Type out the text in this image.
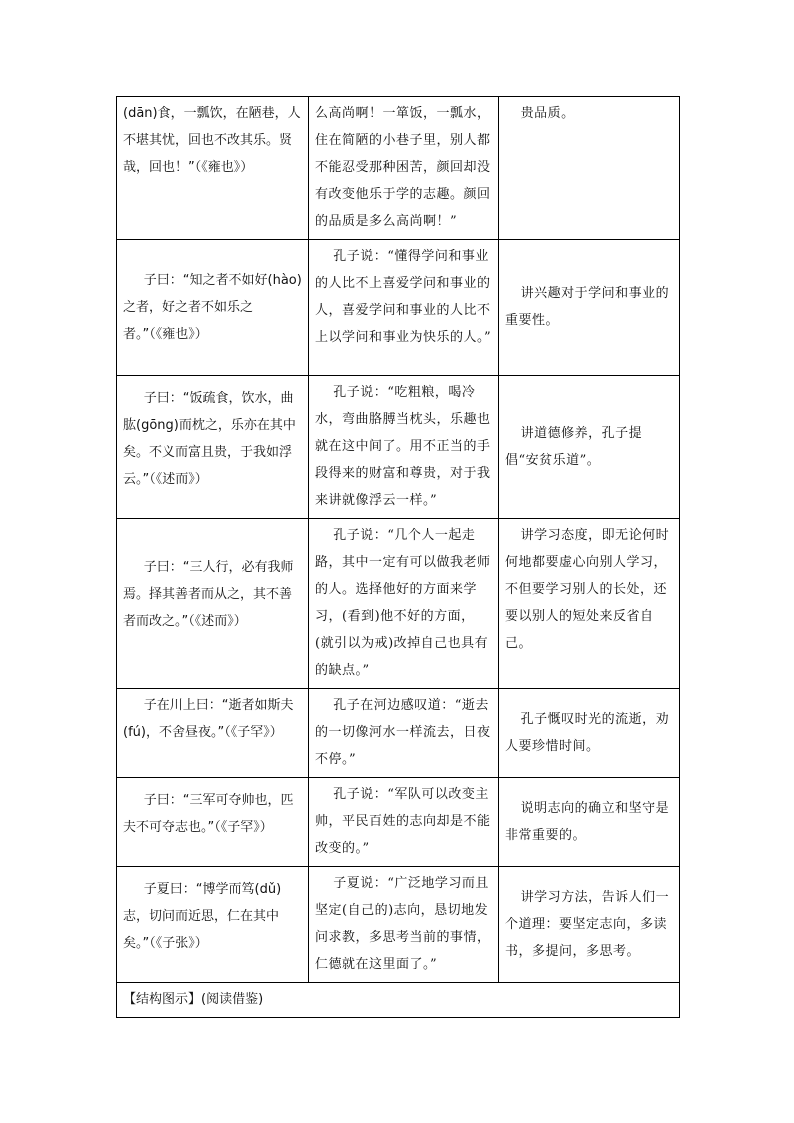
(dān)食，一瓢饮，在陋巷，人不堪其忧，回也不改其乐。贤哉，回也！”（《雍也》）	么高尚啊！一箪饭，一瓢水，住在简陋的小巷子里，别人都不能忍受那种困苦，颜回却没有改变他乐于学的志趣。颜回的品质是多么高尚啊！”	贵品质。

子曰：“知之者不如好(hào)之者，好之者不如乐之者。”（《雍也》）	孔子说：“懂得学问和事业的人比不上喜爱学问和事业的人，喜爱学问和事业的人比不上以学问和事业为快乐的人。”	讲兴趣对于学问和事业的重要性。

子曰：“饭疏食，饮水，曲肱(gōng)而枕之，乐亦在其中矣。不义而富且贵，于我如浮云。”（《述而》）	孔子说：“吃粗粮，喝冷水，弯曲胳膊当枕头，乐趣也就在这中间了。用不正当的手段得来的财富和尊贵，对于我来讲就像浮云一样。”	讲道德修养，孔子提倡“安贫乐道”。

子曰：“三人行，必有我师焉。择其善者而从之，其不善者而改之。”（《述而》）	孔子说：“几个人一起走路，其中一定有可以做我老师的人。选择他好的方面来学习，(看到)他不好的方面，(就引以为戒)改掉自己也具有的缺点。”	讲学习态度，即无论何时何地都要虚心向别人学习，不但要学习别人的长处，还要以别人的短处来反省自己。

子在川上曰：“逝者如斯夫(fú)，不舍昼夜。”（《子罕》）	孔子在河边感叹道：“逝去的一切像河水一样流去，日夜不停。”	孔子慨叹时光的流逝，劝人要珍惜时间。

子曰：“三军可夺帅也，匹夫不可夺志也。”（《子罕》）	孔子说：“军队可以改变主帅，平民百姓的志向却是不能改变的。”	说明志向的确立和坚守是非常重要的。

子夏曰：“博学而笃(dǔ)志，切问而近思，仁在其中矣。”（《子张》）	子夏说：“广泛地学习而且坚定(自己的)志向，恳切地发问求教，多思考当前的事情，仁德就在这里面了。”	讲学习方法，告诉人们一个道理：要坚定志向，多读书，多提问，多思考。

【结构图示】(阅读借鉴)		
